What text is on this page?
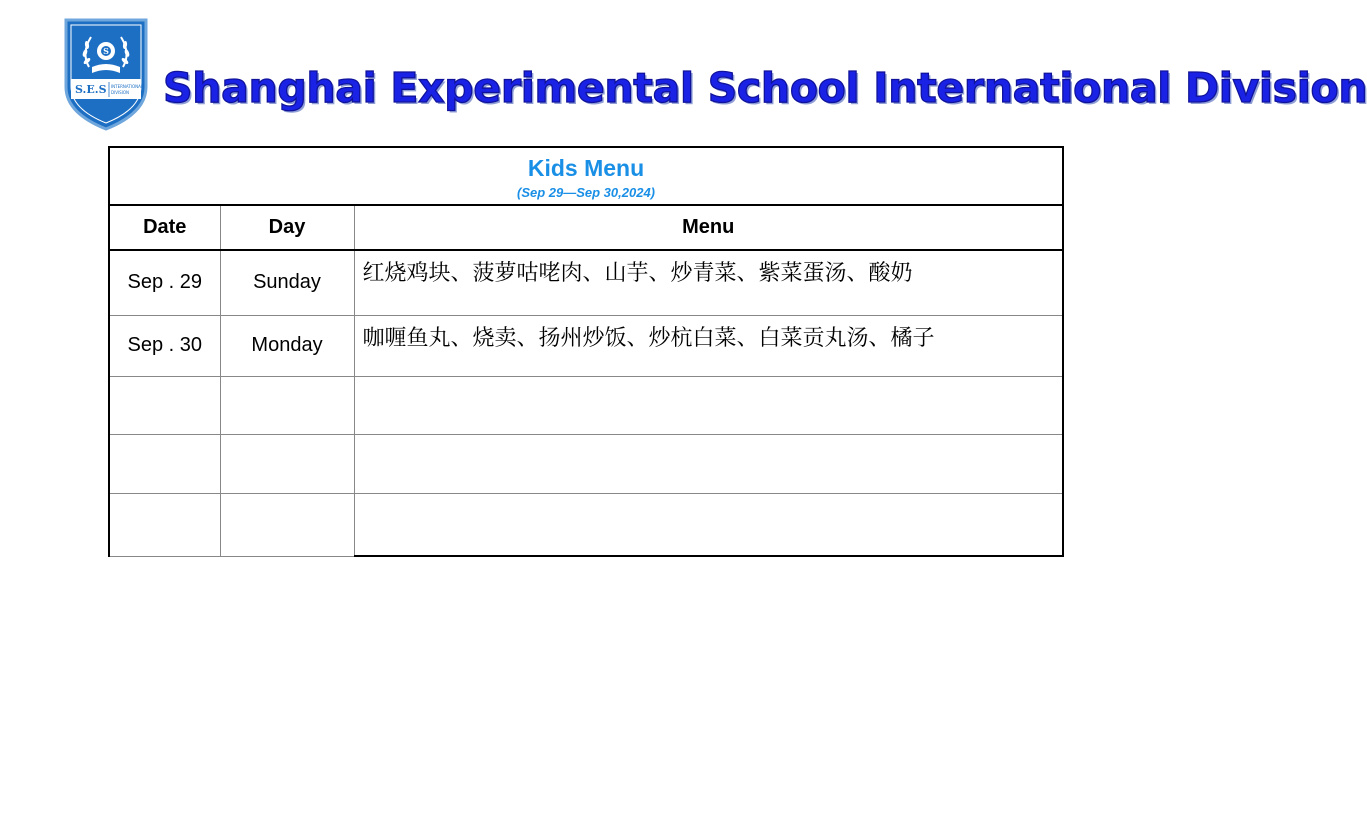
S
S.E.S INTERNATIONAL
DIVISION Shanghai Experimental School International Division
Kids Menu
(Sep 29—Sep 30,2024)		

Date	Day	Menu
Sep . 29	Sunday	红烧鸡块、菠萝咕咾肉、山芋、炒青菜、紫菜蛋汤、酸奶
Sep . 30	Monday	咖喱鱼丸、烧卖、扬州炒饭、炒杭白菜、白菜贡丸汤、橘子
